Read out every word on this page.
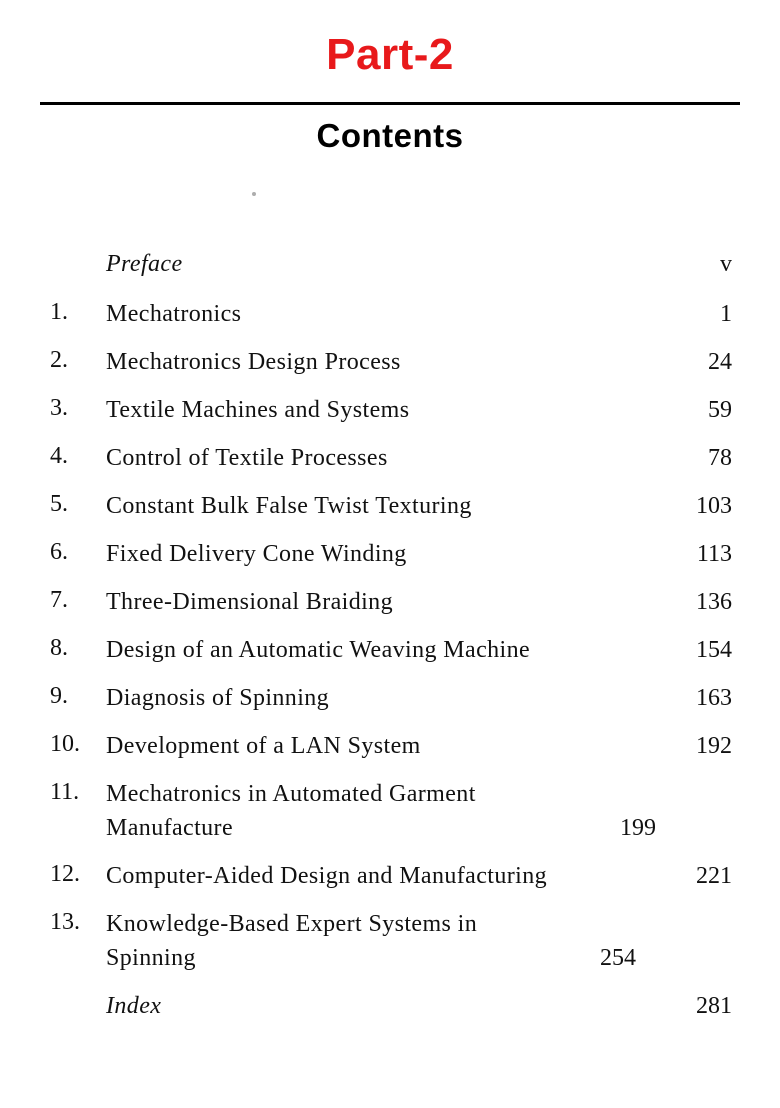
Part-2
Contents
Preface	v
1.	Mechatronics	1
2.	Mechatronics Design Process	24
3.	Textile Machines and Systems	59
4.	Control of Textile Processes	78
5.	Constant Bulk False Twist Texturing	103
6.	Fixed Delivery Cone Winding	113
7.	Three-Dimensional Braiding	136
8.	Design of an Automatic Weaving Machine	154
9.	Diagnosis of Spinning	163
10.	Development of a LAN System	192
11.	Mechatronics in Automated Garment Manufacture	199
12.	Computer-Aided Design and Manufacturing	221
13.	Knowledge-Based Expert Systems in Spinning	254
Index	281
